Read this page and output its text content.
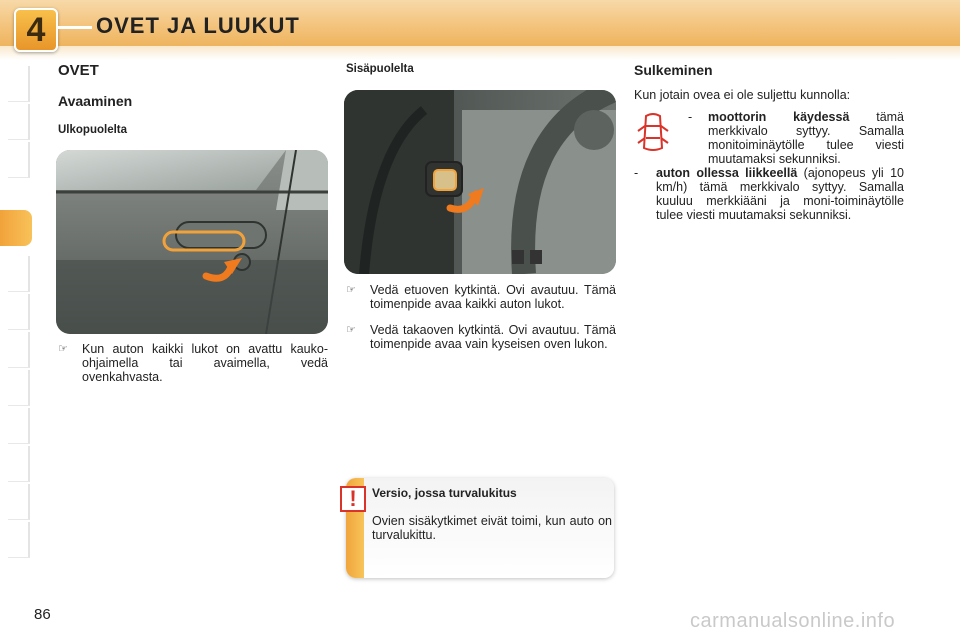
4	OVET JA LUUKUT
OVET
Avaaminen
Ulkopuolelta
☞	Kun auton kaikki lukot on avattu kauko-ohjaimella tai avaimella, vedä ovenkahvasta.
Sisäpuolelta
☞	Vedä etuoven kytkintä. Ovi avautuu. Tämä toimenpide avaa kaikki auton lukot.
☞	Vedä takaoven kytkintä. Ovi avautuu. Tämä toimenpide avaa vain kyseisen oven lukon.
!	Versio, jossa turvalukitus
Ovien sisäkytkimet eivät toimi, kun auto on turvalukittu.
Sulkeminen
Kun jotain ovea ei ole suljettu kunnolla:
-	moottorin käydessä tämä merkkivalo syttyy. Samalla monitoiminäytölle tulee viesti muutamaksi sekunniksi.
-	auton ollessa liikkeellä (ajonopeus yli 10 km/h) tämä merkkivalo syttyy. Samalla kuuluu merkkiääni ja moni-toiminäytölle tulee viesti muutamaksi sekunniksi.
86	carmanualsonline.info
